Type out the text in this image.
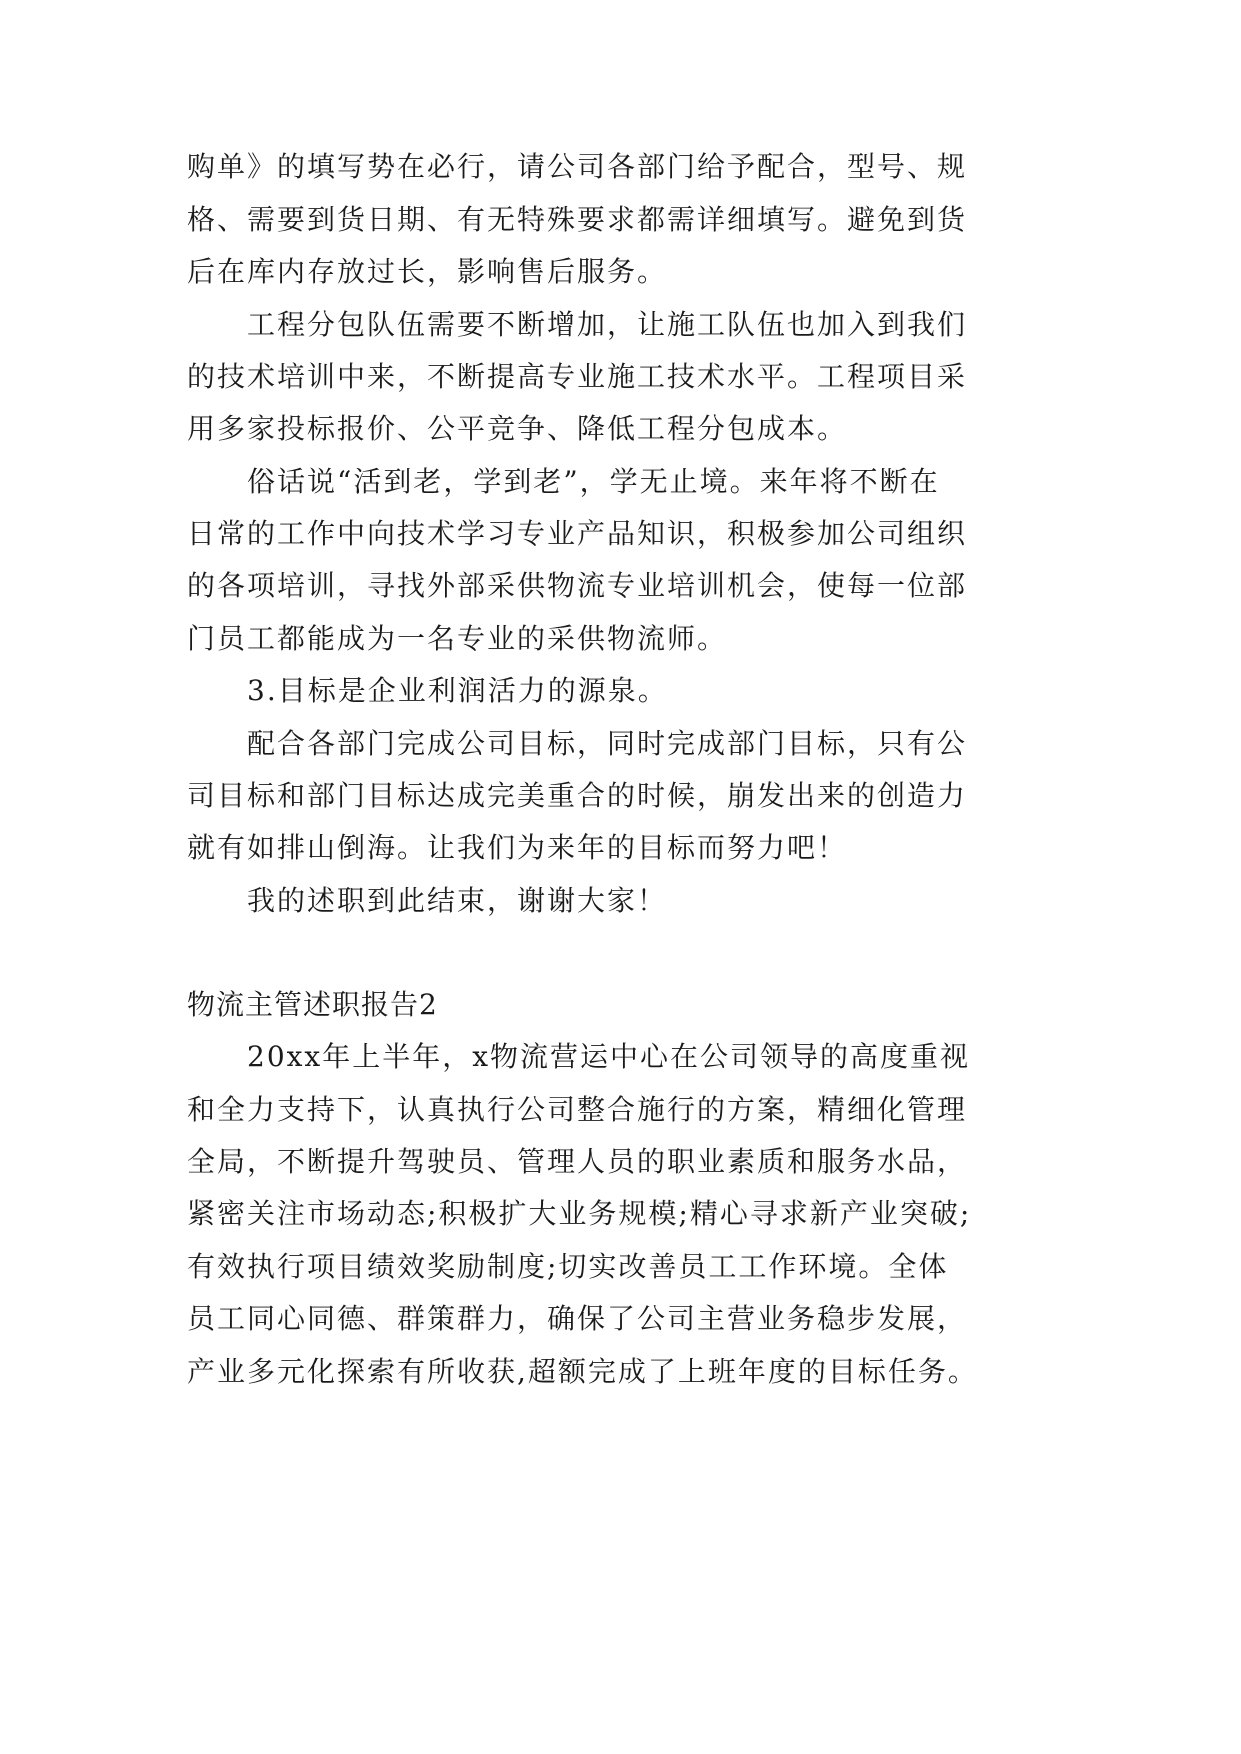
购单》的填写势在必行，请公司各部门给予配合，型号、规
格、需要到货日期、有无特殊要求都需详细填写。避免到货
后在库内存放过长，影响售后服务。
工程分包队伍需要不断增加，让施工队伍也加入到我们
的技术培训中来，不断提高专业施工技术水平。工程项目采
用多家投标报价、公平竞争、降低工程分包成本。
俗话说“活到老，学到老”，学无止境。来年将不断在
日常的工作中向技术学习专业产品知识，积极参加公司组织
的各项培训，寻找外部采供物流专业培训机会，使每一位部
门员工都能成为一名专业的采供物流师。
3.目标是企业利润活力的源泉。
配合各部门完成公司目标，同时完成部门目标，只有公
司目标和部门目标达成完美重合的时候，崩发出来的创造力
就有如排山倒海。让我们为来年的目标而努力吧！
我的述职到此结束，谢谢大家！
物流主管述职报告2
20xx年上半年，x物流营运中心在公司领导的高度重视
和全力支持下，认真执行公司整合施行的方案，精细化管理
全局，不断提升驾驶员、管理人员的职业素质和服务水品，
紧密关注市场动态;积极扩大业务规模;精心寻求新产业突破;
有效执行项目绩效奖励制度;切实改善员工工作环境。全体
员工同心同德、群策群力，确保了公司主营业务稳步发展，
产业多元化探索有所收获,超额完成了上班年度的目标任务。
